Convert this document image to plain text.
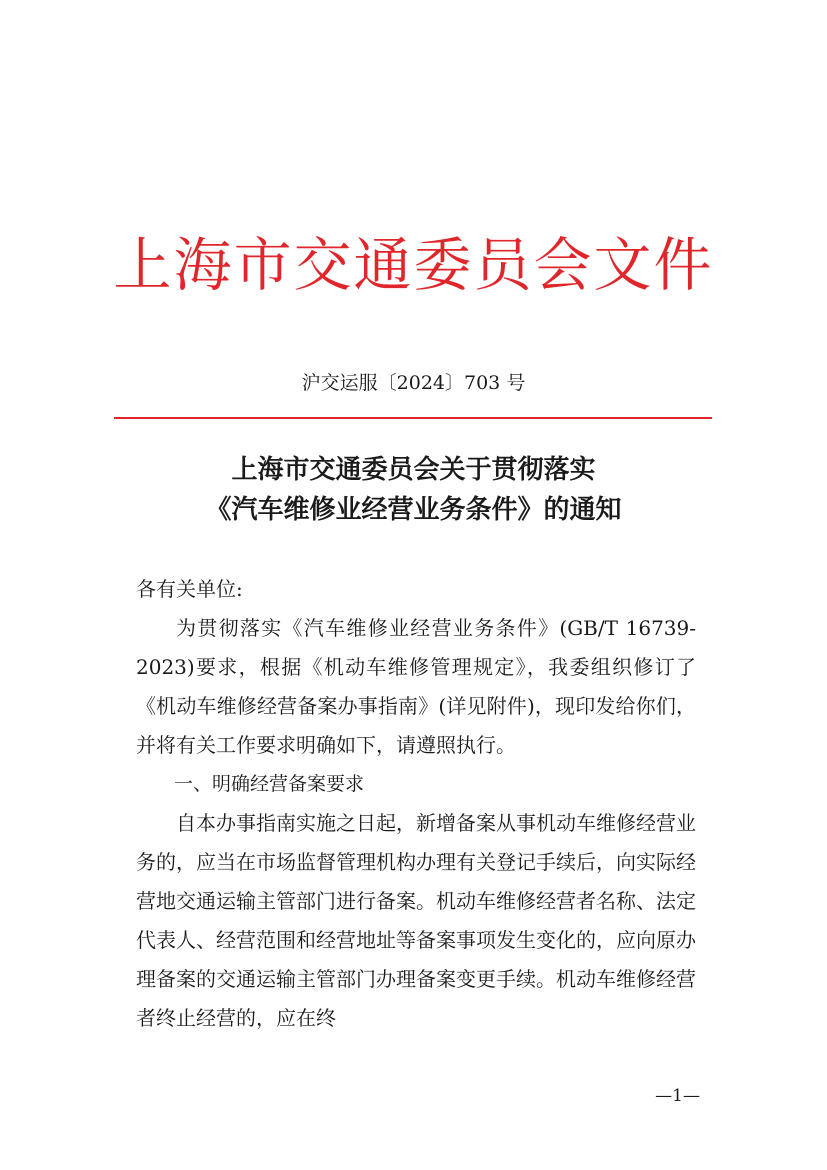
上海市交通委员会文件
沪交运服〔2024〕703 号
上海市交通委员会关于贯彻落实
《汽车维修业经营业务条件》的通知

各有关单位:

为贯彻落实《汽车维修业经营业务条件》(GB/T 16739-2023)要求，根据《机动车维修管理规定》，我委组织修订了《机动车维修经营备案办事指南》(详见附件)，现印发给你们，并将有关工作要求明确如下，请遵照执行。

一、明确经营备案要求

自本办事指南实施之日起，新增备案从事机动车维修经营业务的，应当在市场监督管理机构办理有关登记手续后，向实际经营地交通运输主管部门进行备案。机动车维修经营者名称、法定代表人、经营范围和经营地址等备案事项发生变化的，应向原办理备案的交通运输主管部门办理备案变更手续。机动车维修经营者终止经营的，应在终

—1—
